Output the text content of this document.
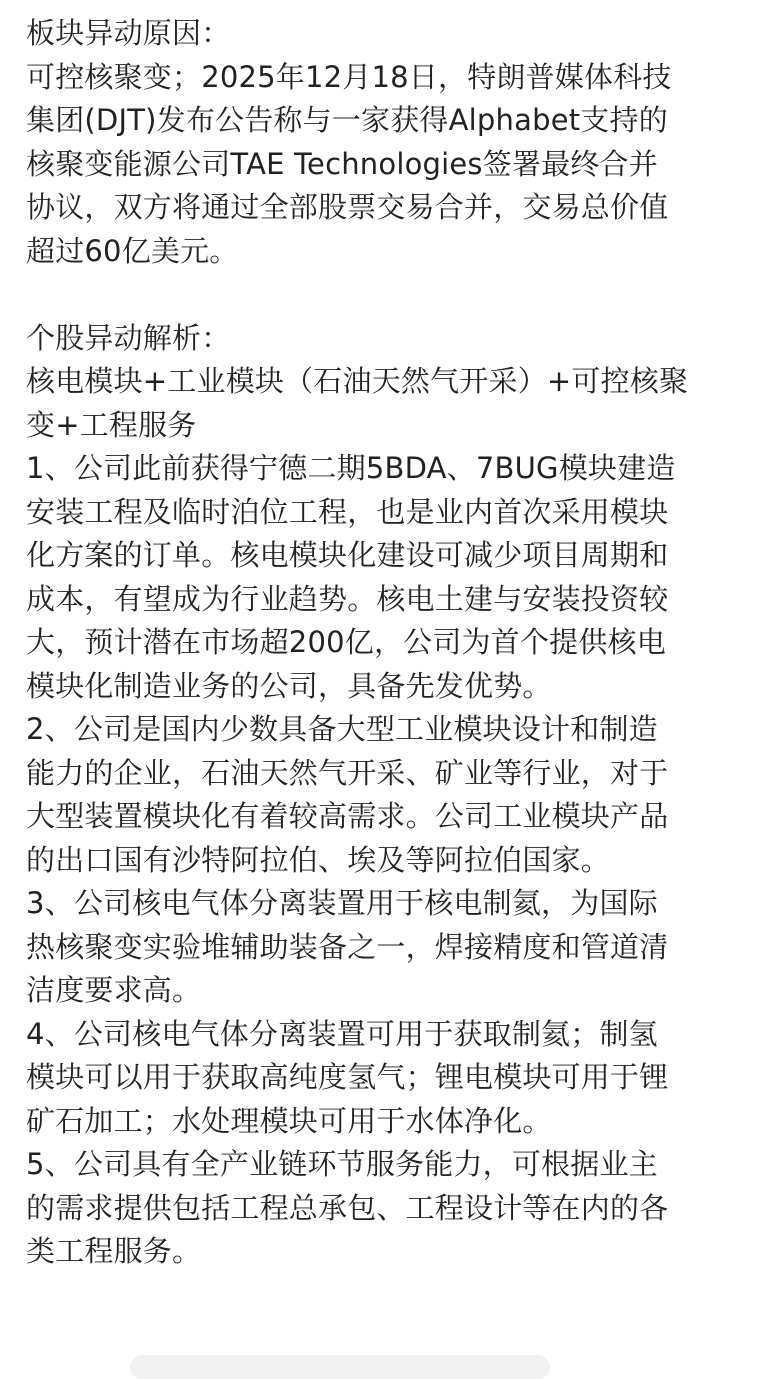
板块异动原因：
可控核聚变；2025年12月18日，特朗普媒体科技
集团(DJT)发布公告称与一家获得Alphabet支持的
核聚变能源公司TAE Technologies签署最终合并
协议，双方将通过全部股票交易合并，交易总价值
超过60亿美元。
个股异动解析：
核电模块+工业模块（石油天然气开采）+可控核聚
变+工程服务
1、公司此前获得宁德二期5BDA、7BUG模块建造
安装工程及临时泊位工程，也是业内首次采用模块
化方案的订单。核电模块化建设可减少项目周期和
成本，有望成为行业趋势。核电土建与安装投资较
大，预计潜在市场超200亿，公司为首个提供核电
模块化制造业务的公司，具备先发优势。
2、公司是国内少数具备大型工业模块设计和制造
能力的企业，石油天然气开采、矿业等行业，对于
大型装置模块化有着较高需求。公司工业模块产品
的出口国有沙特阿拉伯、埃及等阿拉伯国家。
3、公司核电气体分离装置用于核电制氦，为国际
热核聚变实验堆辅助装备之一，焊接精度和管道清
洁度要求高。
4、公司核电气体分离装置可用于获取制氦；制氢
模块可以用于获取高纯度氢气；锂电模块可用于锂
矿石加工；水处理模块可用于水体净化。
5、公司具有全产业链环节服务能力，可根据业主
的需求提供包括工程总承包、工程设计等在内的各
类工程服务。
